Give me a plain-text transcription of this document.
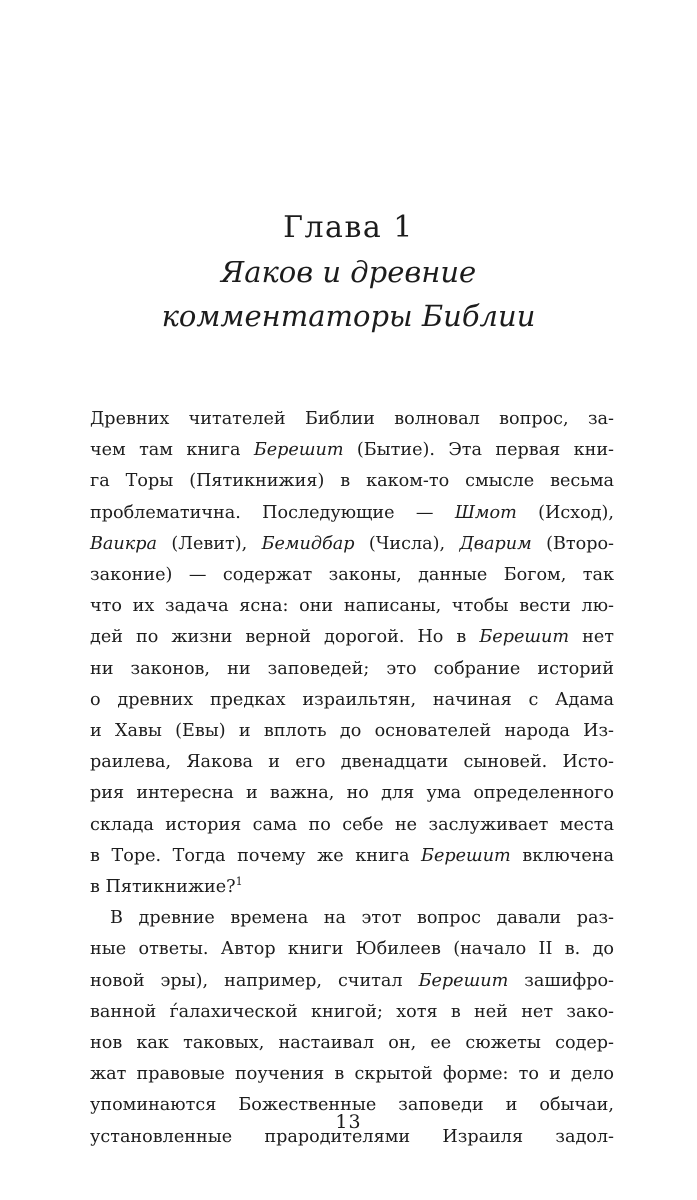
Глава 1
Яаков и древние
комментаторы Библии

Древних читателей Библии волновал вопрос, за-
чем там книга Берешит (Бытие). Эта первая кни-
га Торы (Пятикнижия) в каком-то смысле весьма
проблематична. Последующие — Шмот (Исход),
Ваикра (Левит), Бемидбар (Числа), Дварим (Второ-
законие) — содержат законы, данные Богом, так
что их задача ясна: они написаны, чтобы вести лю-
дей по жизни верной дорогой. Но в Берешит нет
ни законов, ни заповедей; это собрание историй
о древних предках израильтян, начиная с Адама
и Хавы (Евы) и вплоть до основателей народа Из-
раилева, Яакова и его двенадцати сыновей. Исто-
рия интересна и важна, но для ума определенного
склада история сама по себе не заслуживает места
в Торе. Тогда почему же книга Берешит включена
в Пятикнижие?$^1$

В древние времена на этот вопрос давали раз-
ные ответы. Автор книги Юбилеев (начало II в. до
новой эры), например, считал Берешит зашифро-
ванной ѓалахической книгой; хотя в ней нет зако-
нов как таковых, настаивал он, ее сюжеты содер-
жат правовые поучения в скрытой форме: то и дело
упоминаются Божественные заповеди и обычаи,
установленные прародителями Израиля задол-

13
